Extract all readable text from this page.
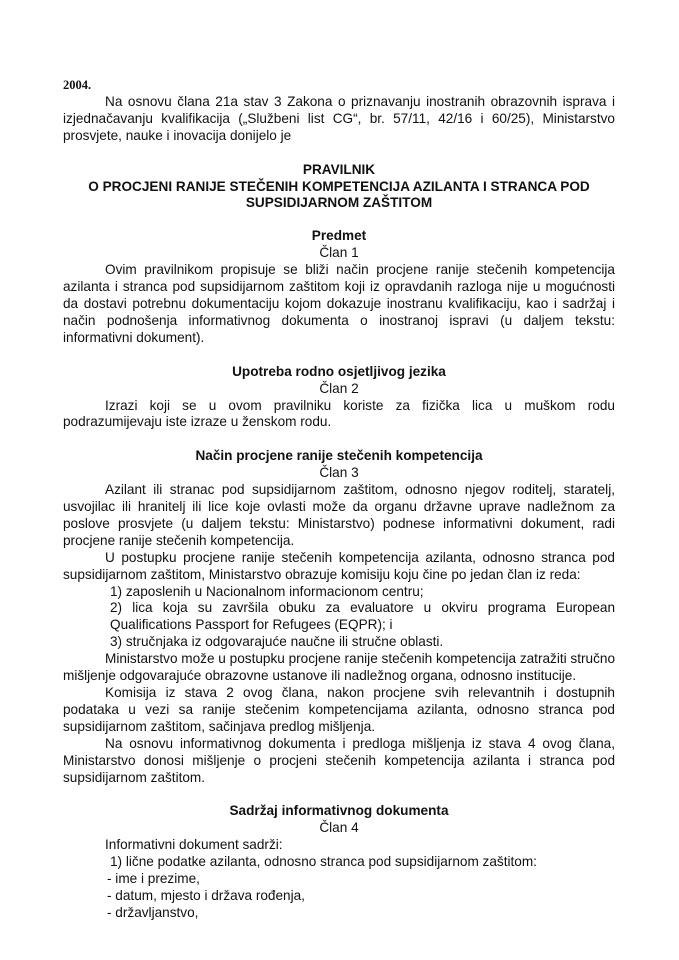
2004.

Na osnovu člana 21a stav 3 Zakona o priznavanju inostranih obrazovnih isprava i izjednačavanju kvalifikacija („Službeni list CG“, br. 57/11, 42/16 i 60/25), Ministarstvo prosvjete, nauke i inovacija donijelo je

PRAVILNIK
O PROCJENI RANIJE STEČENIH KOMPETENCIJA AZILANTA I STRANCA POD
SUPSIDIJARNOM ZAŠTITOM
Predmet
Član 1

Ovim pravilnikom propisuje se bliži način procjene ranije stečenih kompetencija azilanta i stranca pod supsidijarnom zaštitom koji iz opravdanih razloga nije u mogućnosti da dostavi potrebnu dokumentaciju kojom dokazuje inostranu kvalifikaciju, kao i sadržaj i način podnošenja informativnog dokumenta o inostranoj ispravi (u daljem tekstu: informativni dokument).

Upotreba rodno osjetljivog jezika
Član 2

Izrazi koji se u ovom pravilniku koriste za fizička lica u muškom rodu podrazumijevaju iste izraze u ženskom rodu.

Način procjene ranije stečenih kompetencija
Član 3

Azilant ili stranac pod supsidijarnom zaštitom, odnosno njegov roditelj, staratelj, usvojilac ili hranitelj ili lice koje ovlasti može da organu državne uprave nadležnom za poslove prosvjete (u daljem tekstu: Ministarstvo) podnese informativni dokument, radi procjene ranije stečenih kompetencija.

U postupku procjene ranije stečenih kompetencija azilanta, odnosno stranca pod supsidijarnom zaštitom, Ministarstvo obrazuje komisiju koju čine po jedan član iz reda:

1) zaposlenih u Nacionalnom informacionom centru;

2) lica koja su završila obuku za evaluatore u okviru programa European Qualifications Passport for Refugees (EQPR); i

3) stručnjaka iz odgovarajuće naučne ili stručne oblasti.

Ministarstvo može u postupku procjene ranije stečenih kompetencija zatražiti stručno mišljenje odgovarajuće obrazovne ustanove ili nadležnog organa, odnosno institucije.

Komisija iz stava 2 ovog člana, nakon procjene svih relevantnih i dostupnih podataka u vezi sa ranije stečenim kompetencijama azilanta, odnosno stranca pod supsidijarnom zaštitom, sačinjava predlog mišljenja.

Na osnovu informativnog dokumenta i predloga mišljenja iz stava 4 ovog člana, Ministarstvo donosi mišljenje o procjeni stečenih kompetencija azilanta i stranca pod supsidijarnom zaštitom.

Sadržaj informativnog dokumenta
Član 4

Informativni dokument sadrži:

1) lične podatke azilanta, odnosno stranca pod supsidijarnom zaštitom:

- ime i prezime,

- datum, mjesto i država rođenja,

- državljanstvo,
